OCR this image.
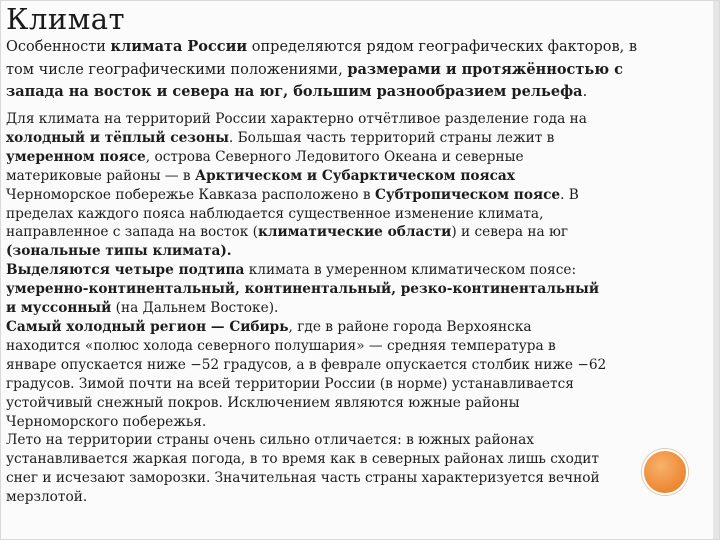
Климат
Особенности климата России определяются рядом географических факторов, в
том числе географическими положениями, размерами и протяжённостью с
запада на восток и севера на юг, большим разнообразием рельефа.
Для климата на территорий России характерно отчётливое разделение года на
холодный и тёплый сезоны. Большая часть территорий страны лежит в
умеренном поясе, острова Северного Ледовитого Океана и северные
материковые районы — в Арктическом и Субарктическом поясах
Черноморское побережье Кавказа расположено в Субтропическом поясе. В
пределах каждого пояса наблюдается существенное изменение климата,
направленное с запада на восток (климатические области) и севера на юг
(зональные типы климата).
Выделяются четыре подтипа климата в умеренном климатическом поясе:
умеренно-континентальный, континентальный, резко-континентальный
и муссонный (на Дальнем Востоке).
Самый холодный регион — Сибирь, где в районе города Верхоянска
находится «полюс холода северного полушария» — средняя температура в
январе опускается ниже −52 градусов, а в феврале опускается столбик ниже −62
градусов. Зимой почти на всей территории России (в норме) устанавливается
устойчивый снежный покров. Исключением являются южные районы
Черноморского побережья.
Лето на территории страны очень сильно отличается: в южных районах
устанавливается жаркая погода, в то время как в северных районах лишь сходит
снег и исчезают заморозки. Значительная часть страны характеризуется вечной
мерзлотой.
